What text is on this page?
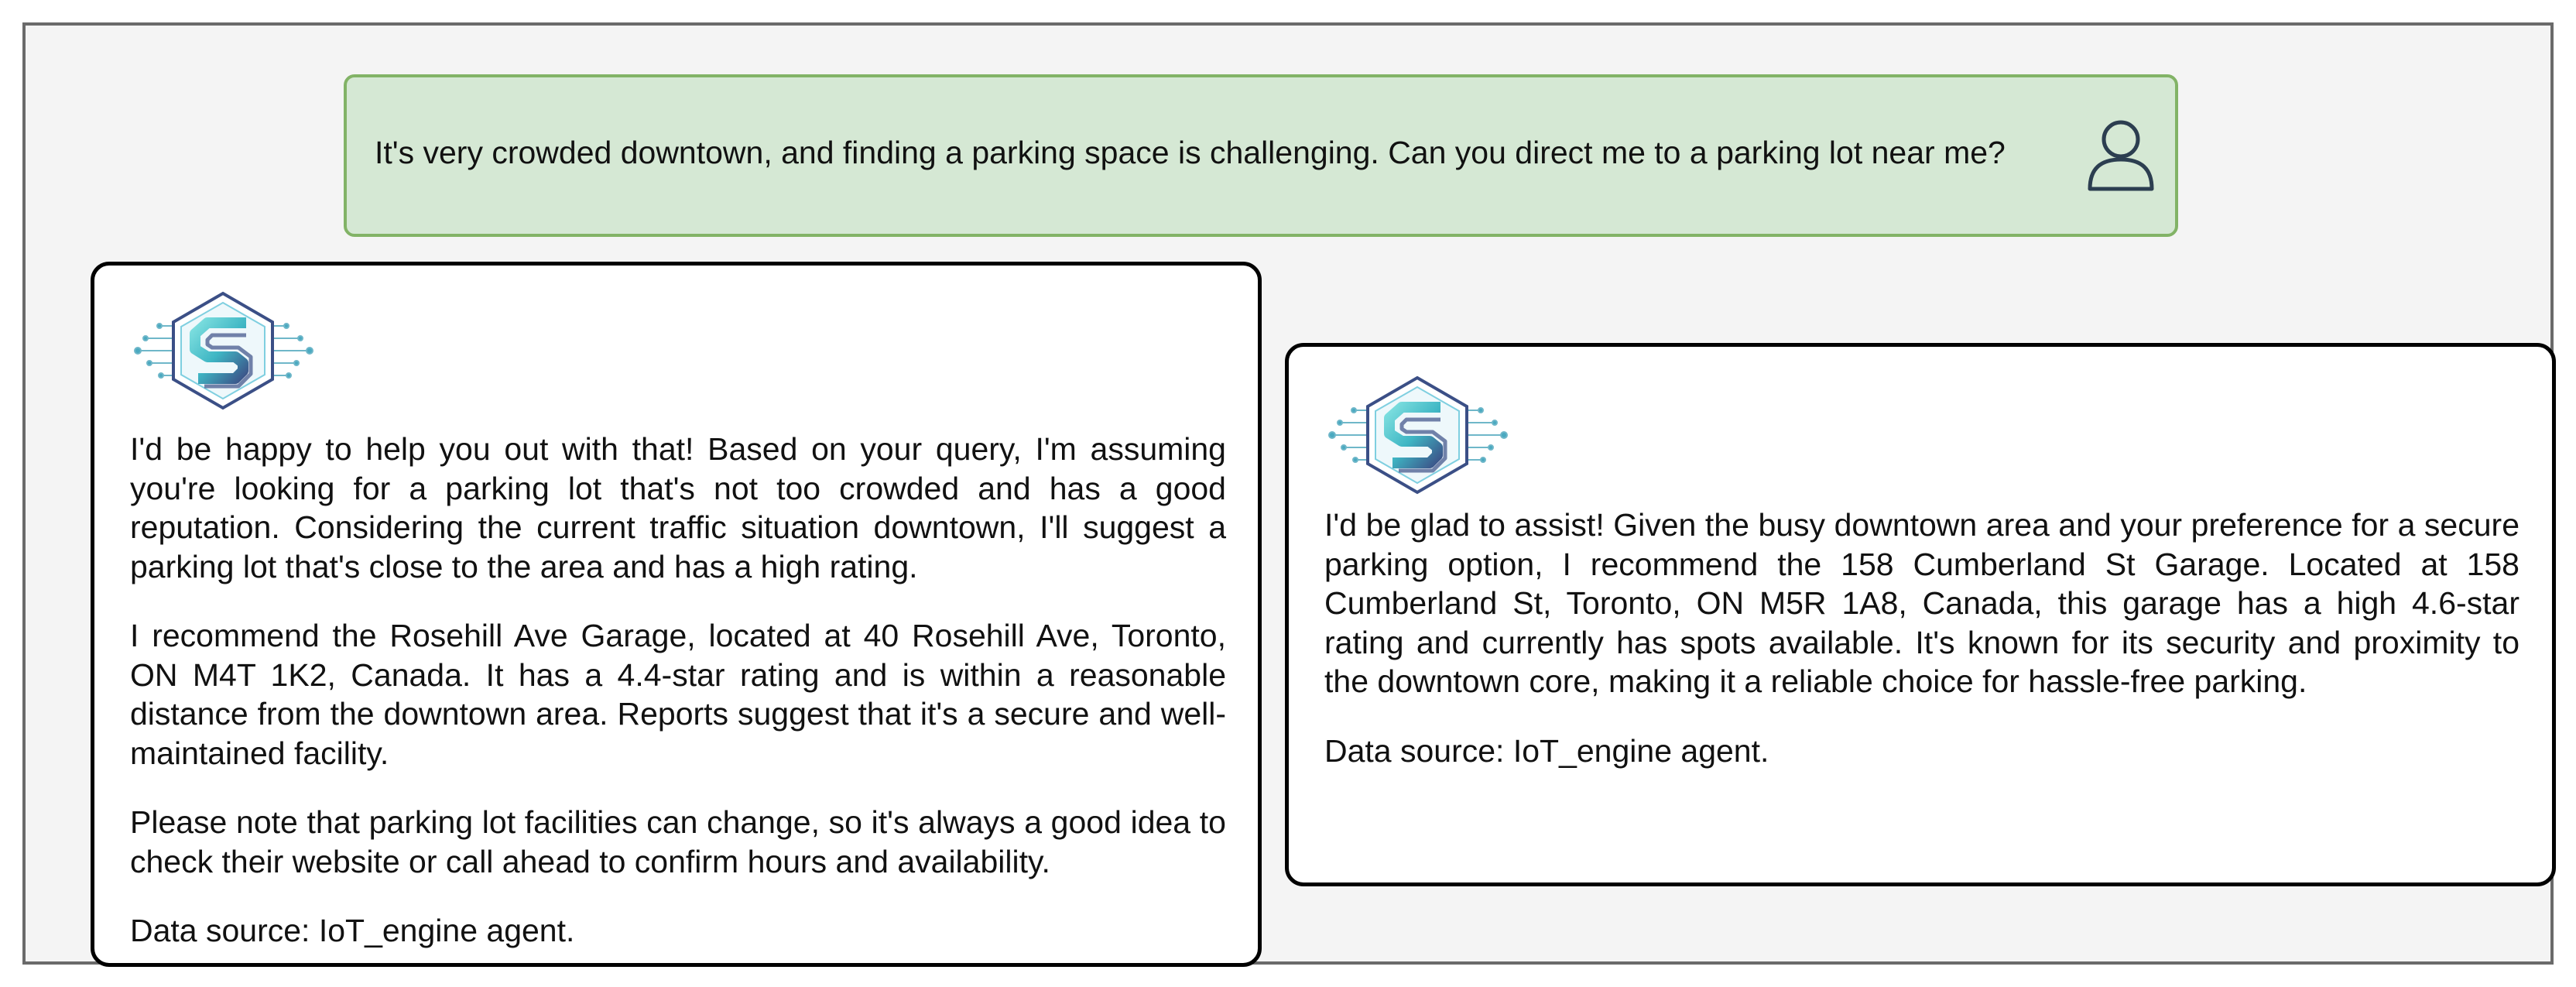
It's very crowded downtown, and finding a parking space is challenging. Can you direct me to a parking lot near me?

I'd be happy to help you out with that! Based on your query, I'm assuming you're looking for a parking lot that's not too crowded and has a good reputation. Considering the current traffic situation downtown, I'll suggest a parking lot that's close to the area and has a high rating.

I recommend the Rosehill Ave Garage, located at 40 Rosehill Ave, Toronto, ON M4T 1K2, Canada. It has a 4.4-star rating and is within a reasonable distance from the downtown area. Reports suggest that it's a secure and well-maintained facility.

Please note that parking lot facilities can change, so it's always a good idea to check their website or call ahead to confirm hours and availability.

Data source: IoT_engine agent.

I'd be glad to assist! Given the busy downtown area and your preference for a secure parking option, I recommend the 158 Cumberland St Garage. Located at 158 Cumberland St, Toronto, ON M5R 1A8, Canada, this garage has a high 4.6-star rating and currently has spots available. It's known for its security and proximity to the downtown core, making it a reliable choice for hassle-free parking.

Data source: IoT_engine agent.
